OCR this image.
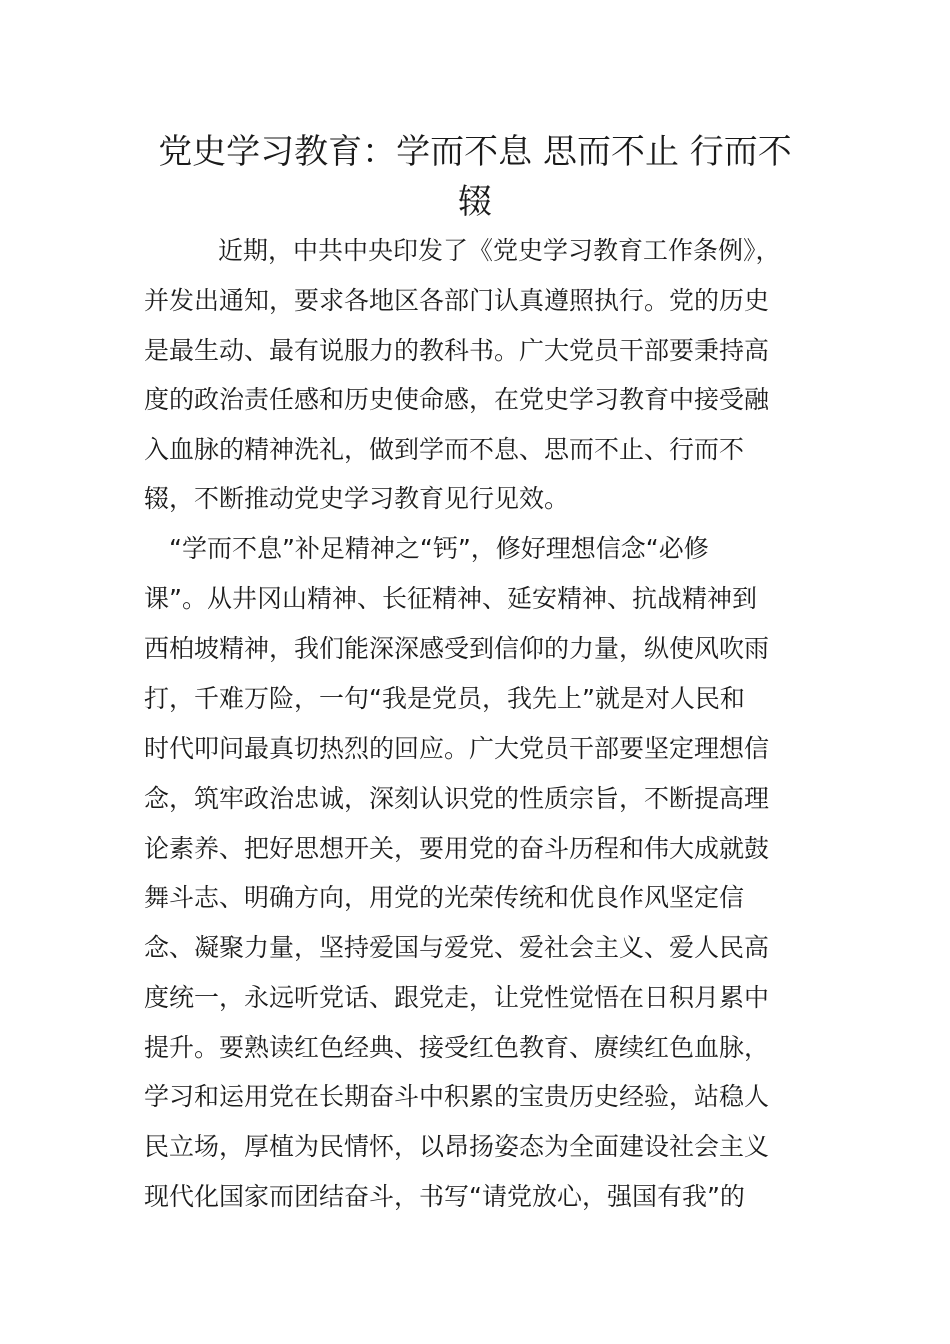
党史学习教育：学而不息 思而不止 行而不
辍
近期，中共中央印发了《党史学习教育工作条例》，
并发出通知，要求各地区各部门认真遵照执行。党的历史
是最生动、最有说服力的教科书。广大党员干部要秉持高
度的政治责任感和历史使命感，在党史学习教育中接受融
入血脉的精神洗礼，做到学而不息、思而不止、行而不
辍，不断推动党史学习教育见行见效。
“学而不息”补足精神之“钙”，修好理想信念“必修
课”。从井冈山精神、长征精神、延安精神、抗战精神到
西柏坡精神，我们能深深感受到信仰的力量，纵使风吹雨
打，千难万险，一句“我是党员，我先上”就是对人民和
时代叩问最真切热烈的回应。广大党员干部要坚定理想信
念，筑牢政治忠诚，深刻认识党的性质宗旨，不断提高理
论素养、把好思想开关，要用党的奋斗历程和伟大成就鼓
舞斗志、明确方向，用党的光荣传统和优良作风坚定信
念、凝聚力量，坚持爱国与爱党、爱社会主义、爱人民高
度统一，永远听党话、跟党走，让党性觉悟在日积月累中
提升。要熟读红色经典、接受红色教育、赓续红色血脉，
学习和运用党在长期奋斗中积累的宝贵历史经验，站稳人
民立场，厚植为民情怀，以昂扬姿态为全面建设社会主义
现代化国家而团结奋斗，书写“请党放心，强国有我”的
